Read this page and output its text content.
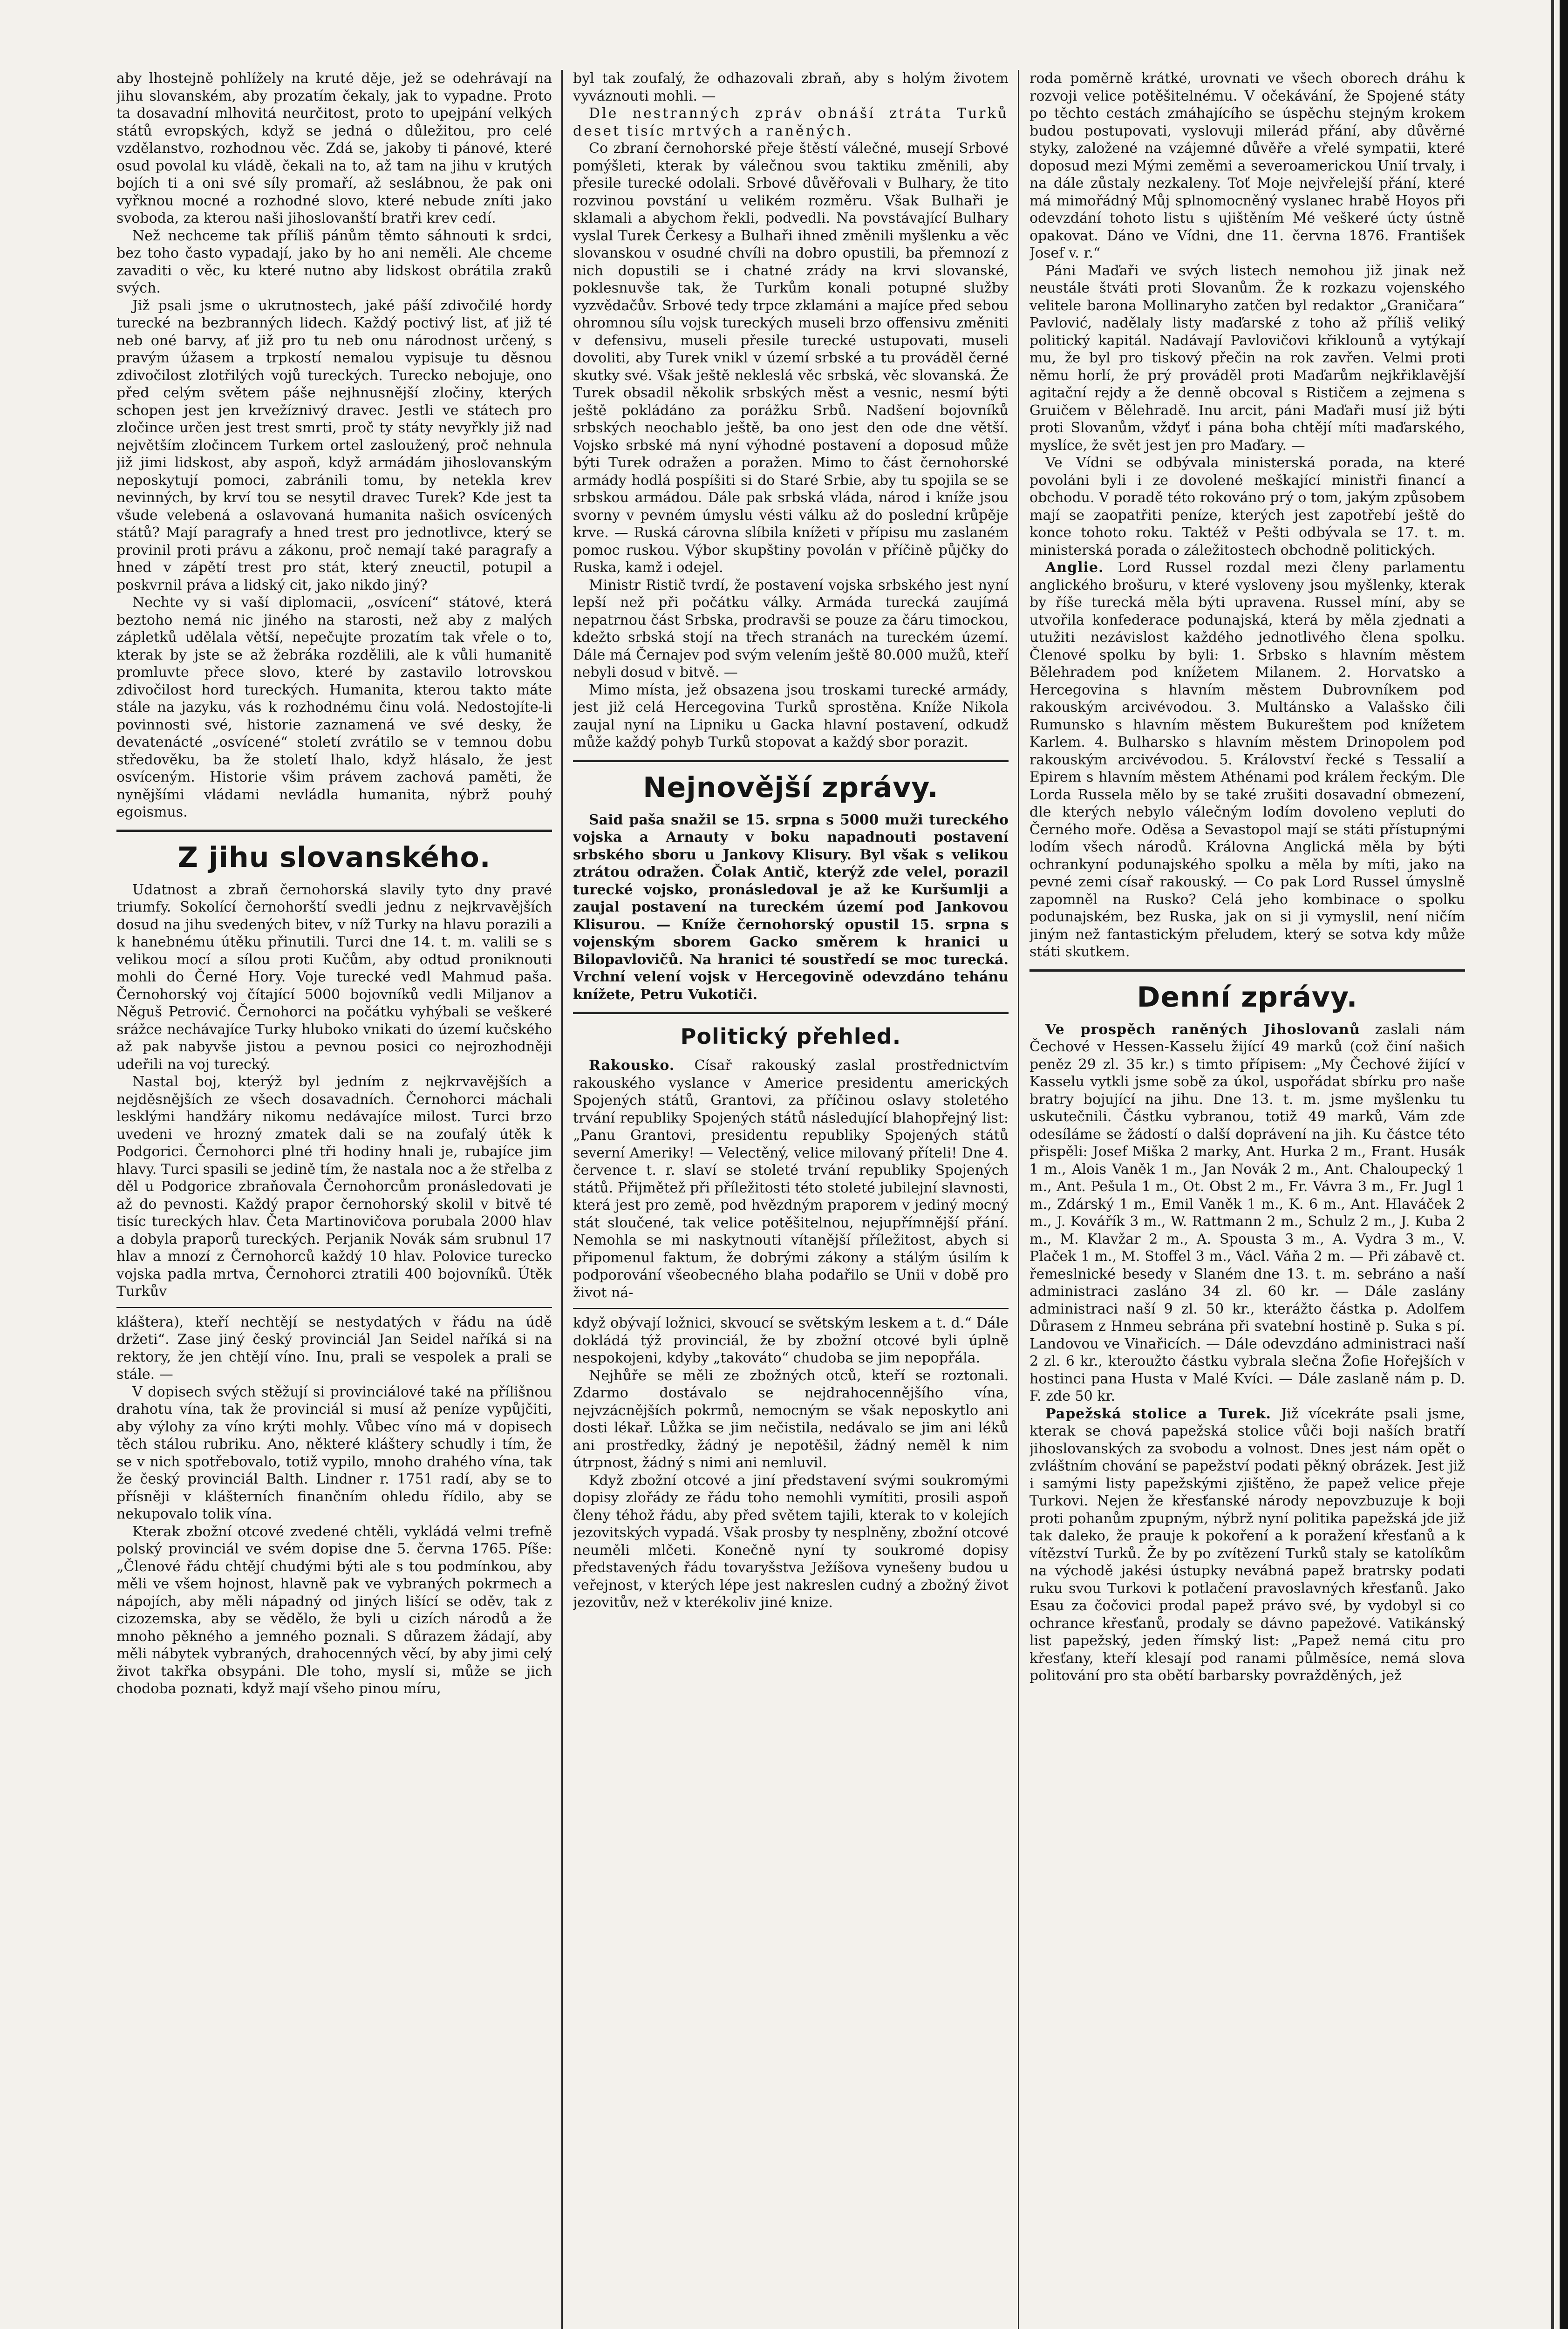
aby lhostejně pohlížely na kruté děje, jež se odehrávají na jihu slovanském, aby prozatím čekaly, jak to vypadne. Proto ta dosavadní mlhovitá neurčitost, proto to upejpání velkých států evropských, když se jedná o důležitou, pro celé vzdělanstvo, rozhodnou věc. Zdá se, jakoby ti pánové, které osud povolal ku vládě, čekali na to, až tam na jihu v krutých bojích ti a oni své síly promaří, až seslábnou, že pak oni vyřknou mocné a rozhodné slovo, které nebude zníti jako svoboda, za kterou naši jihoslovanští bratři krev cedí.

Než nechceme tak příliš pánům těmto sáhnouti k srdci, bez toho často vypadají, jako by ho ani neměli. Ale chceme zavaditi o věc, ku které nutno aby lidskost obrátila zraků svých.

Již psali jsme o ukrutnostech, jaké páší zdivočilé hordy turecké na bezbranných lidech. Každý poctivý list, ať již té neb oné barvy, ať již pro tu neb onu národnost určený, s pravým úžasem a trpkostí nemalou vypisuje tu děsnou zdivočilost zlotřilých vojů tureckých. Turecko nebojuje, ono před celým světem páše nejhnusnější zločiny, kterých schopen jest jen krvežíznivý dravec. Jestli ve státech pro zločince určen jest trest smrti, proč ty státy nevyřkly již nad největším zločincem Turkem ortel zasloužený, proč nehnula již jimi lidskost, aby aspoň, když armádám jihoslovanským neposkytují pomoci, zabránili tomu, by netekla krev nevinných, by krví tou se nesytil dravec Turek? Kde jest ta všude velebená a oslavovaná humanita našich osvícených států? Mají paragrafy a hned trest pro jednotlivce, který se provinil proti právu a zákonu, proč nemají také paragrafy a hned v zápětí trest pro stát, který zneuctil, potupil a poskvrnil práva a lidský cit, jako nikdo jiný?

Nechte vy si vaší diplomacii, „osvícení“ státové, která beztoho nemá nic jiného na starosti, než aby z malých zápletků udělala větší, nepečujte prozatím tak vřele o to, kterak by jste se až žebráka rozdělili, ale k vůli humanitě promluvte přece slovo, které by zastavilo lotrovskou zdivočilost hord tureckých. Humanita, kterou takto máte stále na jazyku, vás k rozhodnému činu volá. Nedostojíte-li povinnosti své, historie zaznamená ve své desky, že devatenácté „osvícené“ století zvrátilo se v temnou dobu středověku, ba že století lhalo, když hlásalo, že jest osvíceným. Historie všim právem zachová paměti, že nynějšími vládami nevládla humanita, nýbrž pouhý egoismus.

Z jihu slovanského.

Udatnost a zbraň černohorská slavily tyto dny pravé triumfy. Sokolící černohorští svedli jednu z nejkrvavějších dosud na jihu svedených bitev, v níž Turky na hlavu porazili a k hanebnému útěku přinutili. Turci dne 14. t. m. valili se s velikou mocí a sílou proti Kučům, aby odtud proniknouti mohli do Černé Hory. Voje turecké vedl Mahmud paša. Černohorský voj čítající 5000 bojovníků vedli Miljanov a Něguš Petrović. Černohorci na počátku vyhýbali se veškeré srážce nechávajíce Turky hluboko vnikati do území kučského až pak nabyvše jistou a pevnou posici co nejrozhodněji udeřili na voj turecký.

Nastal boj, kterýž byl jedním z nejkrvavějších a nejděsnějších ze všech dosavadních. Černohorci máchali lesklými handžáry nikomu nedávajíce milost. Turci brzo uvedeni ve hrozný zmatek dali se na zoufalý útěk k Podgorici. Černohorci plné tři hodiny hnali je, rubajíce jim hlavy. Turci spasili se jedině tím, že nastala noc a že střelba z děl u Podgorice zbraňovala Černohorcům pronásledovati je až do pevnosti. Každý prapor černohorský skolil v bitvě té tisíc tureckých hlav. Četa Martinovičova porubala 2000 hlav a dobyla praporů tureckých. Perjanik Novák sám srubnul 17 hlav a mnozí z Černohorců každý 10 hlav. Polovice turecko vojska padla mrtva, Černohorci ztratili 400 bojovníků. Útěk Turkův

kláštera), kteří nechtějí se nestydatých v řádu na údě držeti“. Zase jiný český provinciál Jan Seidel naříká si na rektory, že jen chtějí víno. Inu, prali se vespolek a prali se stále. —

V dopisech svých stěžují si provinciálové také na přílišnou drahotu vína, tak že provinciál si musí až peníze vypůjčiti, aby výlohy za víno krýti mohly. Vůbec víno má v dopisech těch stálou rubriku. Ano, některé kláštery schudly i tím, že se v nich spotřebovalo, totiž vypilo, mnoho drahého vína, tak že český provinciál Balth. Lindner r. 1751 radí, aby se to přísněji v klášterních finančním ohledu řídilo, aby se nekupovalo tolik vína.

Kterak zbožní otcové zvedené chtěli, vykládá velmi trefně polský provinciál ve svém dopise dne 5. června 1765. Píše: „Členové řádu chtějí chudými býti ale s tou podmínkou, aby měli ve všem hojnost, hlavně pak ve vybraných pokrmech a nápojích, aby měli nápadný od jiných lišící se oděv, tak z cizozemska, aby se vědělo, že byli u cizích národů a že mnoho pěkného a jemného poznali. S důrazem žádají, aby měli nábytek vybraných, drahocenných věcí, by aby jimi celý život takřka obsypáni. Dle toho, myslí si, může se jich chodoba poznati, když mají všeho pinou míru,

byl tak zoufalý, že odhazovali zbraň, aby s holým životem vyváznouti mohli. —

Dle nestranných zpráv obnáší ztráta Turků deset tisíc mrtvých a raněných.

Co zbraní černohorské přeje štěstí válečné, musejí Srbové pomýšleti, kterak by válečnou svou taktiku změnili, aby přesile turecké odolali. Srbové důvěřovali v Bulhary, že tito rozvinou povstání u velikém rozměru. Však Bulhaři je sklamali a abychom řekli, podvedli. Na povstávající Bulhary vyslal Turek Čerkesy a Bulhaři ihned změnili myšlenku a věc slovanskou v osudné chvíli na dobro opustili, ba přemnozí z nich dopustili se i chatné zrády na krvi slovanské, poklesnuvše tak, že Turkům konali potupné služby vyzvědačův. Srbové tedy trpce zklamáni a majíce před sebou ohromnou sílu vojsk tureckých museli brzo offensivu změniti v defensivu, museli přesile turecké ustupovati, museli dovoliti, aby Turek vnikl v území srbské a tu prováděl černé skutky své. Však ještě nekleslá věc srbská, věc slovanská. Že Turek obsadil několik srbských měst a vesnic, nesmí býti ještě pokládáno za porážku Srbů. Nadšení bojovníků srbských neochablo ještě, ba ono jest den ode dne větší. Vojsko srbské má nyní výhodné postavení a doposud může býti Turek odražen a poražen. Mimo to část černohorské armády hodlá pospíšiti si do Staré Srbie, aby tu spojila se se srbskou armádou. Dále pak srbská vláda, národ i kníže jsou svorny v pevném úmyslu vésti válku až do poslední krůpěje krve. — Ruská cárovna slíbila knížeti v přípisu mu zaslaném pomoc ruskou. Výbor skupštiny povolán v příčině půjčky do Ruska, kamž i odejel.

Ministr Ristič tvrdí, že postavení vojska srbského jest nyní lepší než při počátku války. Armáda turecká zaujímá nepatrnou část Srbska, prodravši se pouze za čáru timockou, kdežto srbská stojí na třech stranách na tureckém území. Dále má Černajev pod svým velením ještě 80.000 mužů, kteří nebyli dosud v bitvě. —

Mimo místa, jež obsazena jsou troskami turecké armády, jest již celá Hercegovina Turků sprostěna. Kníže Nikola zaujal nyní na Lipniku u Gacka hlavní postavení, odkudž může každý pohyb Turků stopovat a každý sbor porazit.

Nejnovější zprávy.

Said paša snažil se 15. srpna s 5000 muži tureckého vojska a Arnauty v boku napadnouti postavení srbského sboru u Jankovy Klisury. Byl však s velikou ztrátou odražen. Čolak Antič, kterýž zde velel, porazil turecké vojsko, pronásledoval je až ke Kuršumlji a zaujal postavení na tureckém území pod Jankovou Klisurou. — Kníže černohorský opustil 15. srpna s vojenským sborem Gacko směrem k hranici u Bilopavlovičů. Na hranici té soustředí se moc turecká. Vrchní velení vojsk v Hercegovině odevzdáno tehánu knížete, Petru Vukotiči.

Politický přehled.

Rakousko. Císař rakouský zaslal prostřednictvím rakouského vyslance v Americe presidentu amerických Spojených států, Grantovi, za příčinou oslavy stoletého trvání republiky Spojených států následující blahopřejný list: „Panu Grantovi, presidentu republiky Spojených států severní Ameriky! — Velectěný, velice milovaný příteli! Dne 4. července t. r. slaví se stoleté trvání republiky Spojených států. Přijmětež při příležitosti této stoleté jubilejní slavnosti, která jest pro země, pod hvězdným praporem v jediný mocný stát sloučené, tak velice potěšitelnou, nejupřímnější přání. Nemohla se mi naskytnouti vítanější příležitost, abych si připomenul faktum, že dobrými zákony a stálým úsilím k podporování všeobecného blaha podařilo se Unii v době pro život ná-

když obývají ložnici, skvoucí se světským leskem a t. d.“ Dále dokládá týž provinciál, že by zbožní otcové byli úplně nespokojeni, kdyby „takováto“ chudoba se jim nepopřála.

Nejhůře se měli ze zbožných otců, kteří se roztonali. Zdarmo dostávalo se nejdrahocennějšího vína, nejvzácnějších pokrmů, nemocným se však neposkytlo ani dosti lékař. Lůžka se jim nečistila, nedávalo se jim ani léků ani prostředky, žádný je nepotěšil, žádný neměl k nim útrpnost, žádný s nimi ani nemluvil.

Když zbožní otcové a jiní představení svými soukromými dopisy zlořády ze řádu toho nemohli vymítiti, prosili aspoň členy téhož řádu, aby před světem tajili, kterak to v kolejích jezovitských vypadá. Však prosby ty nesplněny, zbožní otcové neuměli mlčeti. Konečně nyní ty soukromé dopisy představených řádu tovaryšstva Ježíšova vynešeny budou u veřejnost, v kterých lépe jest nakreslen cudný a zbožný život jezovitův, než v kterékoliv jiné knize.

roda poměrně krátké, urovnati ve všech oborech dráhu k rozvoji velice potěšitelnému. V očekávání, že Spojené státy po těchto cestách zmáhajícího se úspěchu stejným krokem budou postupovati, vyslovuji milerád přání, aby důvěrné styky, založené na vzájemné důvěře a vřelé sympatii, které doposud mezi Mými zeměmi a severoamerickou Unií trvaly, i na dále zůstaly nezkaleny. Toť Moje nejvřelejší přání, které má mimořádný Můj splnomocněný vyslanec hrabě Hoyos při odevzdání tohoto listu s ujištěním Mé veškeré úcty ústně opakovat. Dáno ve Vídni, dne 11. června 1876. František Josef v. r.“

Páni Maďaři ve svých listech nemohou již jinak než neustále štváti proti Slovanům. Že k rozkazu vojenského velitele barona Mollinaryho zatčen byl redaktor „Graničara“ Pavlović, nadělaly listy maďarské z toho až příliš veliký politický kapitál. Nadávají Pavlovičovi křiklounů a vytýkají mu, že byl pro tiskový přečin na rok zavřen. Velmi proti němu horlí, že prý prováděl proti Maďarům nejkřiklavější agitační rejdy a že denně obcoval s Rističem a zejmena s Gruičem v Bělehradě. Inu arcit, páni Maďaři musí již býti proti Slovanům, vždyť i pána boha chtějí míti maďarského, myslíce, že svět jest jen pro Maďary. —

Ve Vídni se odbývala ministerská porada, na které povoláni byli i ze dovolené meškající ministři financí a obchodu. V poradě této rokováno prý o tom, jakým způsobem mají se zaopatřiti peníze, kterých jest zapotřebí ještě do konce tohoto roku. Taktéž v Pešti odbývala se 17. t. m. ministerská porada o záležitostech obchodně politických.

Anglie. Lord Russel rozdal mezi členy parlamentu anglického brošuru, v které vysloveny jsou myšlenky, kterak by říše turecká měla býti upravena. Russel míní, aby se utvořila konfederace podunajská, která by měla zjednati a utužiti nezávislost každého jednotlivého člena spolku. Členové spolku by byli: 1. Srbsko s hlavním městem Bělehradem pod knížetem Milanem. 2. Horvatsko a Hercegovina s hlavním městem Dubrovníkem pod rakouským arcivévodou. 3. Multánsko a Valašsko čili Rumunsko s hlavním městem Bukureštem pod knížetem Karlem. 4. Bulharsko s hlavním městem Drinopolem pod rakouským arcivévodou. 5. Království řecké s Tessalií a Epirem s hlavním městem Athénami pod králem řeckým. Dle Lorda Russela mělo by se také zrušiti dosavadní obmezení, dle kterých nebylo válečným lodím dovoleno vepluti do Černého moře. Oděsa a Sevastopol mají se státi přístupnými lodím všech národů. Královna Anglická měla by býti ochrankyní podunajského spolku a měla by míti, jako na pevné zemi císař rakouský. — Co pak Lord Russel úmyslně zapomněl na Rusko? Celá jeho kombinace o spolku podunajském, bez Ruska, jak on si ji vymyslil, není ničím jiným než fantastickým přeludem, který se sotva kdy může státi skutkem.

Denní zprávy.

Ve prospěch raněných Jihoslovanů zaslali nám Čechové v Hessen-Kasselu žijící 49 marků (což činí našich peněz 29 zl. 35 kr.) s timto přípisem: „My Čechové žijící v Kasselu vytkli jsme sobě za úkol, uspořádat sbírku pro naše bratry bojující na jihu. Dne 13. t. m. jsme myšlenku tu uskutečnili. Částku vybranou, totiž 49 marků, Vám zde odesíláme se žádostí o další doprávení na jih. Ku částce této přispěli: Josef Miška 2 marky, Ant. Hurka 2 m., Frant. Husák 1 m., Alois Vaněk 1 m., Jan Novák 2 m., Ant. Chaloupecký 1 m., Ant. Pešula 1 m., Ot. Obst 2 m., Fr. Vávra 3 m., Fr. Jugl 1 m., Zdárský 1 m., Emil Vaněk 1 m., K. 6 m., Ant. Hlaváček 2 m., J. Kovářík 3 m., W. Rattmann 2 m., Schulz 2 m., J. Kuba 2 m., M. Klavžar 2 m., A. Spousta 3 m., A. Vydra 3 m., V. Plaček 1 m., M. Stoffel 3 m., Václ. Váňa 2 m. — Při zábavě ct. řemeslnické besedy v Slaném dne 13. t. m. sebráno a naší administraci zasláno 34 zl. 60 kr. — Dále zaslány administraci naší 9 zl. 50 kr., kterážto částka p. Adolfem Důrasem z Hnmeu sebrána při svatební hostině p. Suka s pí. Landovou ve Vinařicích. — Dále odevzdáno administraci naší 2 zl. 6 kr., kteroužto částku vybrala slečna Žofie Hořejších v hostinci pana Husta v Malé Kvíci. — Dále zaslaně nám p. D. F. zde 50 kr.

Papežská stolice a Turek. Již vícekráte psali jsme, kterak se chová papežská stolice vůči boji naších bratří jihoslovanských za svobodu a volnost. Dnes jest nám opět o zvláštním chování se papežství podati pěkný obrázek. Jest již i samými listy papežskými zjištěno, že papež velice přeje Turkovi. Nejen že křesťanské národy nepovzbuzuje k boji proti pohanům zpupným, nýbrž nyní politika papežská jde již tak daleko, že prauje k pokoření a k poražení křesťanů a k vítězství Turků. Že by po zvítězení Turků staly se katolíkům na východě jakési ústupky nevábná papež bratrsky podati ruku svou Turkovi k potlačení pravoslavných křesťanů. Jako Esau za čočovici prodal papež právo své, by vydobyl si co ochrance křesťanů, prodaly se dávno papežové. Vatikánský list papežský, jeden římský list: „Papež nemá citu pro křesťany, kteří klesají pod ranami půlměsíce, nemá slova politování pro sta obětí barbarsky povražděných, jež
